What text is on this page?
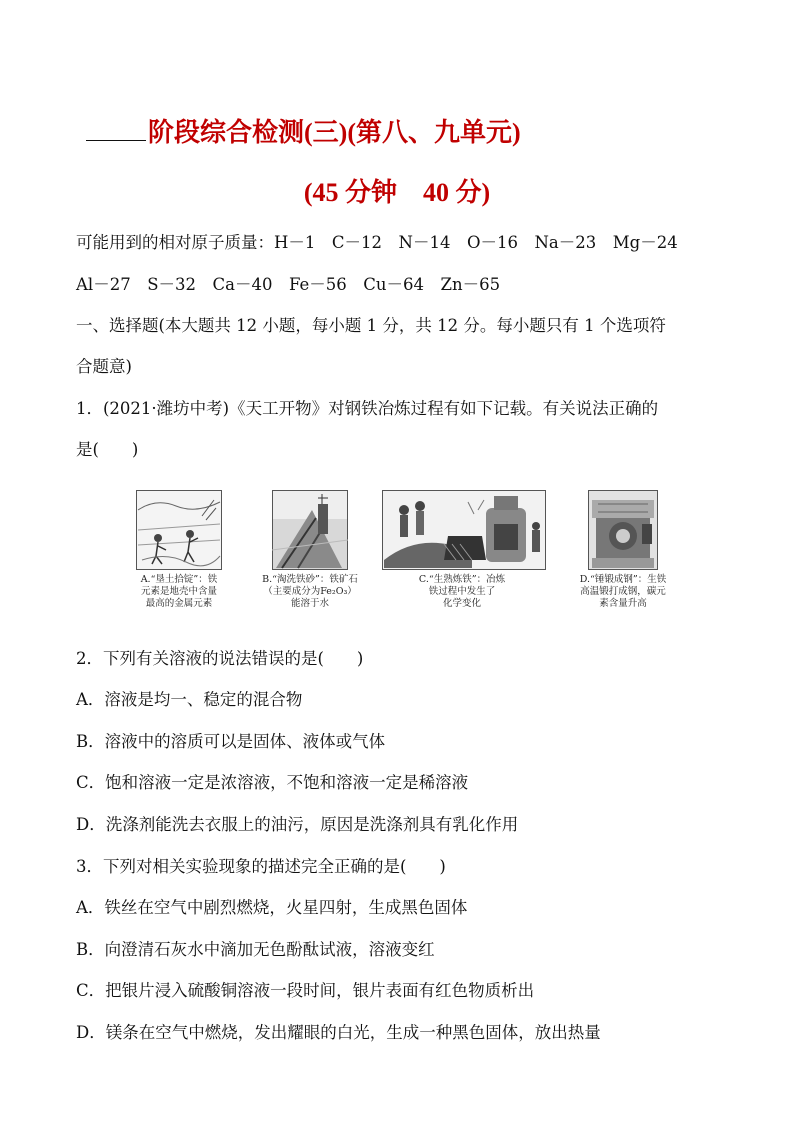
阶段综合检测(三)(第八、九单元)
(45 分钟    40 分)
可能用到的相对原子质量：H－1　C－12　N－14　O－16　Na－23　Mg－24
Al－27　S－32　Ca－40　Fe－56　Cu－64　Zn－65
一、选择题(本大题共 12 小题，每小题 1 分，共 12 分。每小题只有 1 个选项符
合题意)
1．(2021·潍坊中考)《天工开物》对钢铁冶炼过程有如下记载。有关说法正确的
是(　　)
A.“垦土拾锭”：铁
元素是地壳中含量
最高的金属元素
B.“淘洗铁砂”：铁矿石
（主要成分为Fe₂O₃）
能溶于水
C.“生熟炼铁”：冶炼
铁过程中发生了
化学变化
D.“锤锻成钢”：生铁
高温锻打成钢，碳元
素含量升高
2．下列有关溶液的说法错误的是(　　)
A．溶液是均一、稳定的混合物
B．溶液中的溶质可以是固体、液体或气体
C．饱和溶液一定是浓溶液，不饱和溶液一定是稀溶液
D．洗涤剂能洗去衣服上的油污，原因是洗涤剂具有乳化作用
3．下列对相关实验现象的描述完全正确的是(　　)
A．铁丝在空气中剧烈燃烧，火星四射，生成黑色固体
B．向澄清石灰水中滴加无色酚酞试液，溶液变红
C．把银片浸入硫酸铜溶液一段时间，银片表面有红色物质析出
D．镁条在空气中燃烧，发出耀眼的白光，生成一种黑色固体，放出热量
